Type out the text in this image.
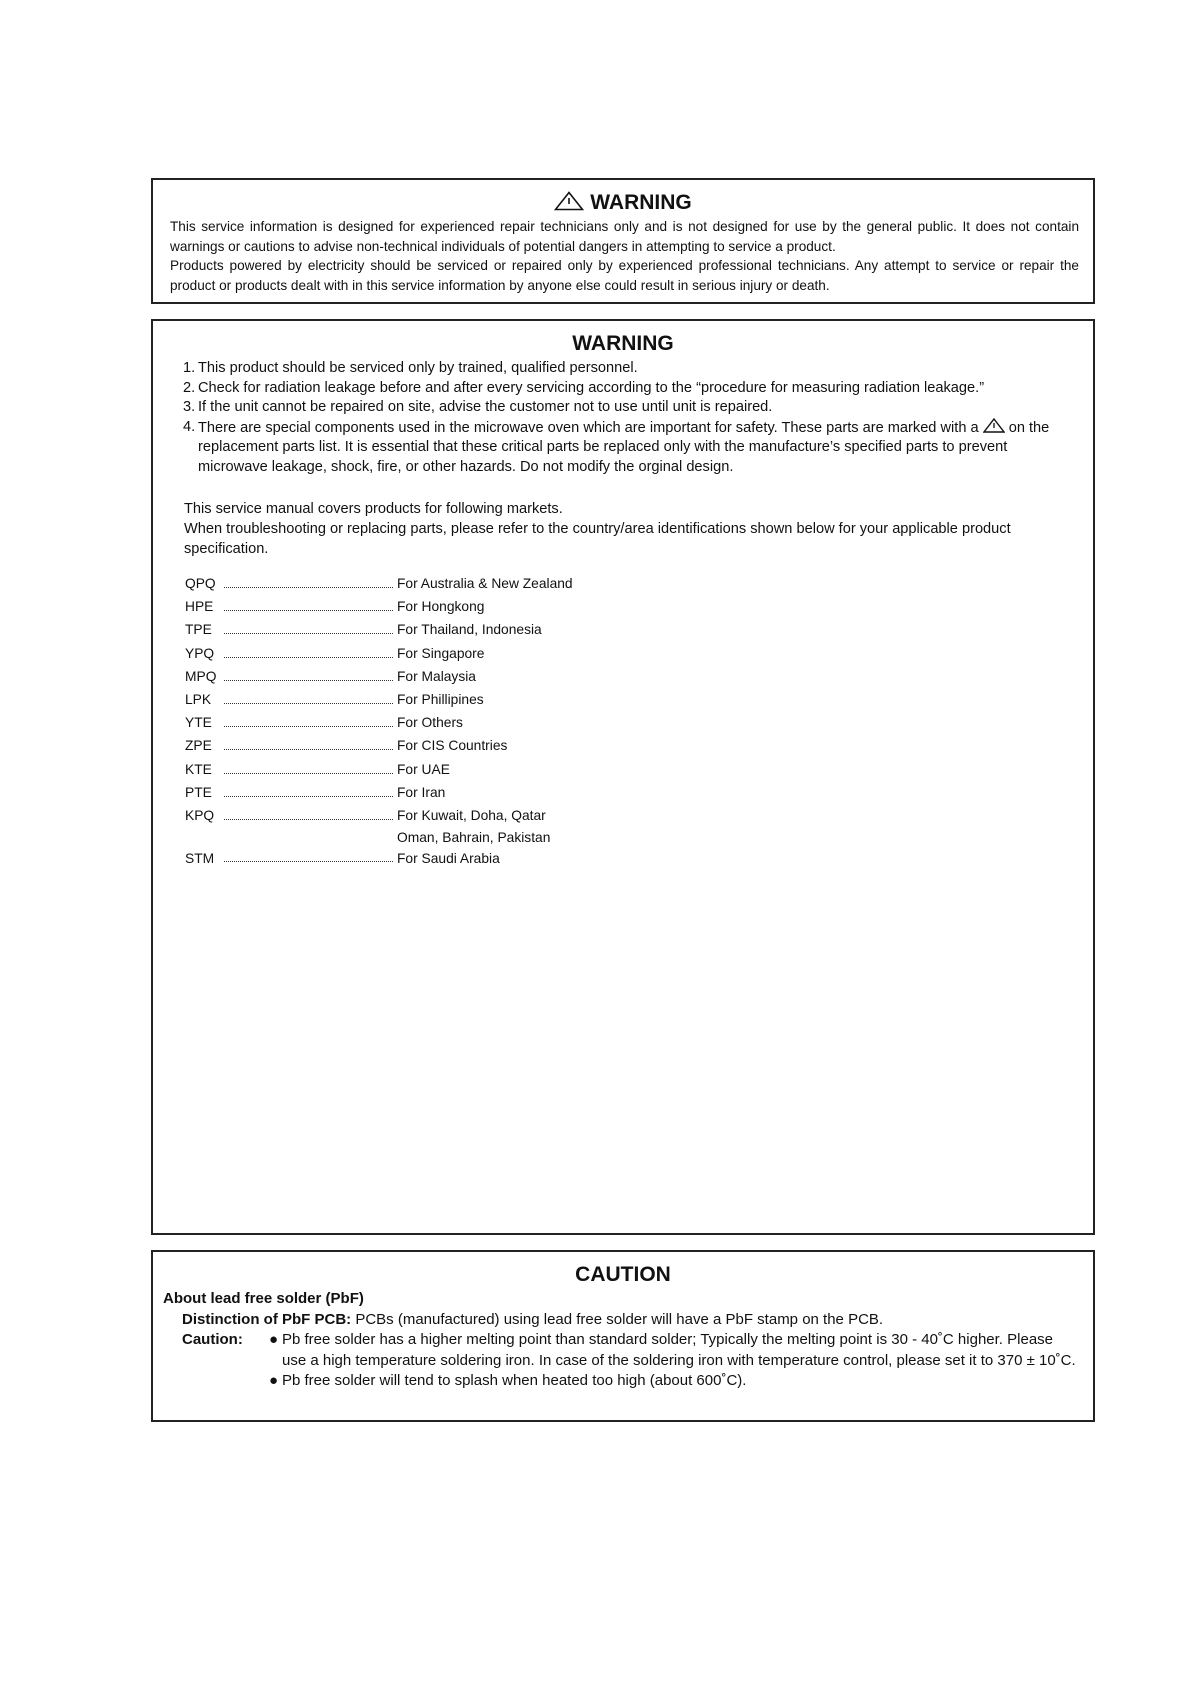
WARNING

This service information is designed for experienced repair technicians only and is not designed for use by the general public. It does not contain warnings or cautions to advise non-technical individuals of potential dangers in attempting to service a product.

Products powered by electricity should be serviced or repaired only by experienced professional technicians. Any attempt to service or repair the product or products dealt with in this service information by anyone else could result in serious injury or death.

WARNING
1. This product should be serviced only by trained, qualified personnel.
2. Check for radiation leakage before and after every servicing according to the “procedure for measuring radiation leakage.”
3. If the unit cannot be repaired on site, advise the customer not to use until unit is repaired.
4. There are special components used in the microwave oven which are important for safety. These parts are marked with a  on the replacement parts list. It is essential that these critical parts be replaced only with the manufacture’s specified parts to prevent microwave leakage, shock, fire, or other hazards. Do not modify the orginal design.

This service manual covers products for following markets.

When troubleshooting or replacing parts, please refer to the country/area identifications shown below for your applicable product specification.

QPQ	For Australia & New Zealand
HPE	For Hongkong
TPE	For Thailand, Indonesia
YPQ	For Singapore
MPQ	For Malaysia
LPK	For Phillipines
YTE	For Others
ZPE	For CIS Countries
KTE	For UAE
PTE	For Iran
KPQ	For Kuwait, Doha, Qatar
Oman, Bahrain, Pakistan
STM	For Saudi Arabia
CAUTION

About lead free solder (PbF)

Distinction of PbF PCB: PCBs (manufactured) using lead free solder will have a PbF stamp on the PCB.

Caution: ● Pb free solder has a higher melting point than standard solder; Typically the melting point is 30 - 40˚C higher. Please use a high temperature soldering iron. In case of the soldering iron with temperature control, please set it to 370 ± 10˚C.
● Pb free solder will tend to splash when heated too high (about 600˚C).
